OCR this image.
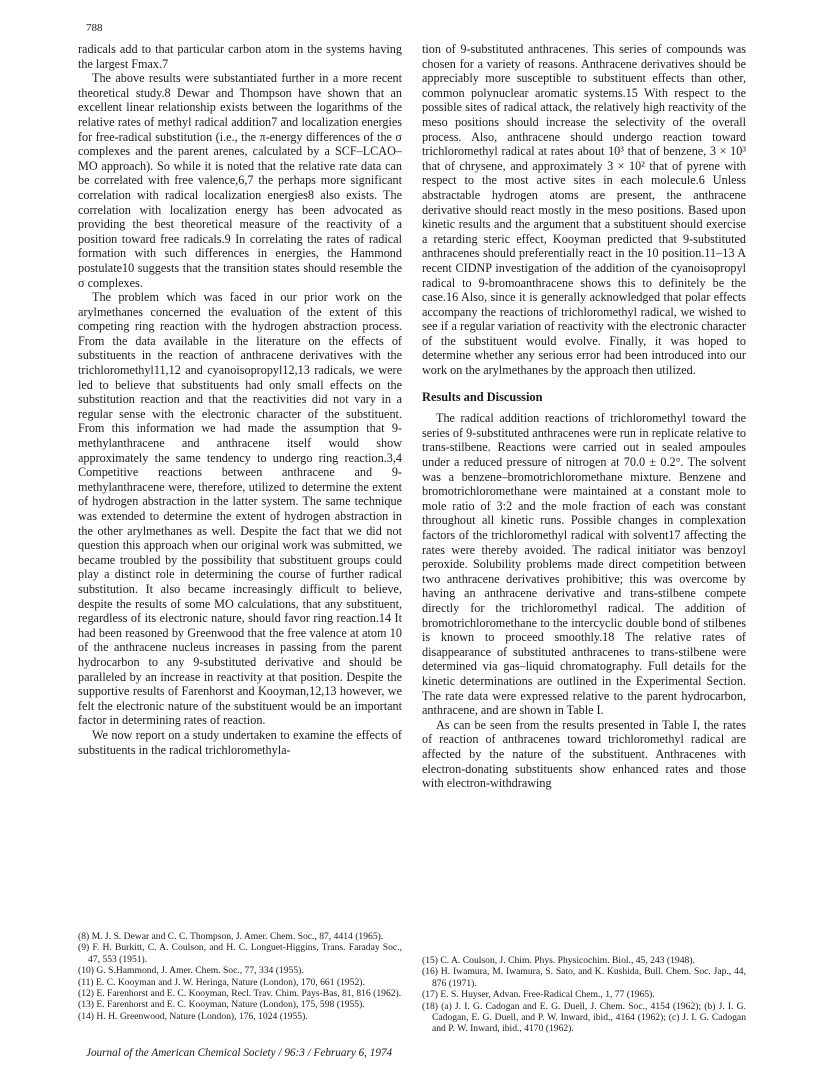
788

radicals add to that particular carbon atom in the systems having the largest Fmax.7

The above results were substantiated further in a more recent theoretical study.8 Dewar and Thompson have shown that an excellent linear relationship exists between the logarithms of the relative rates of methyl radical addition7 and localization energies for free-radical substitution (i.e., the π-energy differences of the σ complexes and the parent arenes, calculated by a SCF–LCAO–MO approach). So while it is noted that the relative rate data can be correlated with free valence,6,7 the perhaps more significant correlation with radical localization energies8 also exists. The correlation with localization energy has been advocated as providing the best theoretical measure of the reactivity of a position toward free radicals.9 In correlating the rates of radical formation with such differences in energies, the Hammond postulate10 suggests that the transition states should resemble the σ complexes.

The problem which was faced in our prior work on the arylmethanes concerned the evaluation of the extent of this competing ring reaction with the hydrogen abstraction process. From the data available in the literature on the effects of substituents in the reaction of anthracene derivatives with the trichloromethyl11,12 and cyanoisopropyl12,13 radicals, we were led to believe that substituents had only small effects on the substitution reaction and that the reactivities did not vary in a regular sense with the electronic character of the substituent. From this information we had made the assumption that 9-methylanthracene and anthracene itself would show approximately the same tendency to undergo ring reaction.3,4 Competitive reactions between anthracene and 9-methylanthracene were, therefore, utilized to determine the extent of hydrogen abstraction in the latter system. The same technique was extended to determine the extent of hydrogen abstraction in the other arylmethanes as well. Despite the fact that we did not question this approach when our original work was submitted, we became troubled by the possibility that substituent groups could play a distinct role in determining the course of further radical substitution. It also became increasingly difficult to believe, despite the results of some MO calculations, that any substituent, regardless of its electronic nature, should favor ring reaction.14 It had been reasoned by Greenwood that the free valence at atom 10 of the anthracene nucleus increases in passing from the parent hydrocarbon to any 9-substituted derivative and should be paralleled by an increase in reactivity at that position. Despite the supportive results of Farenhorst and Kooyman,12,13 however, we felt the electronic nature of the substituent would be an important factor in determining rates of reaction.

We now report on a study undertaken to examine the effects of substituents in the radical trichloromethyla-

tion of 9-substituted anthracenes. This series of compounds was chosen for a variety of reasons. Anthracene derivatives should be appreciably more susceptible to substituent effects than other, common polynuclear aromatic systems.15 With respect to the possible sites of radical attack, the relatively high reactivity of the meso positions should increase the selectivity of the overall process. Also, anthracene should undergo reaction toward trichloromethyl radical at rates about 10³ that of benzene, 3 × 10³ that of chrysene, and approximately 3 × 10² that of pyrene with respect to the most active sites in each molecule.6 Unless abstractable hydrogen atoms are present, the anthracene derivative should react mostly in the meso positions. Based upon kinetic results and the argument that a substituent should exercise a retarding steric effect, Kooyman predicted that 9-substituted anthracenes should preferentially react in the 10 position.11–13 A recent CIDNP investigation of the addition of the cyanoisopropyl radical to 9-bromoanthracene shows this to definitely be the case.16 Also, since it is generally acknowledged that polar effects accompany the reactions of trichloromethyl radical, we wished to see if a regular variation of reactivity with the electronic character of the substituent would evolve. Finally, it was hoped to determine whether any serious error had been introduced into our work on the arylmethanes by the approach then utilized.

Results and Discussion

The radical addition reactions of trichloromethyl toward the series of 9-substituted anthracenes were run in replicate relative to trans-stilbene. Reactions were carried out in sealed ampoules under a reduced pressure of nitrogen at 70.0 ± 0.2°. The solvent was a benzene–bromotrichloromethane mixture. Benzene and bromotrichloromethane were maintained at a constant mole to mole ratio of 3:2 and the mole fraction of each was constant throughout all kinetic runs. Possible changes in complexation factors of the trichloromethyl radical with solvent17 affecting the rates were thereby avoided. The radical initiator was benzoyl peroxide. Solubility problems made direct competition between two anthracene derivatives prohibitive; this was overcome by having an anthracene derivative and trans-stilbene compete directly for the trichloromethyl radical. The addition of bromotrichloromethane to the intercyclic double bond of stilbenes is known to proceed smoothly.18 The relative rates of disappearance of substituted anthracenes to trans-stilbene were determined via gas–liquid chromatography. Full details for the kinetic determinations are outlined in the Experimental Section. The rate data were expressed relative to the parent hydrocarbon, anthracene, and are shown in Table I.

As can be seen from the results presented in Table I, the rates of reaction of anthracenes toward trichloromethyl radical are affected by the nature of the substituent. Anthracenes with electron-donating substituents show enhanced rates and those with electron-withdrawing

(8) M. J. S. Dewar and C. C. Thompson, J. Amer. Chem. Soc., 87, 4414 (1965).

(9) F. H. Burkitt, C. A. Coulson, and H. C. Longuet-Higgins, Trans. Faraday Soc., 47, 553 (1951).

(10) G. S.Hammond, J. Amer. Chem. Soc., 77, 334 (1955).

(11) E. C. Kooyman and J. W. Heringa, Nature (London), 170, 661 (1952).

(12) E. Farenhorst and E. C. Kooyman, Recl. Trav. Chim. Pays-Bas, 81, 816 (1962).

(13) E. Farenhorst and E. C. Kooyman, Nature (London), 175, 598 (1955).

(14) H. H. Greenwood, Nature (London), 176, 1024 (1955).

(15) C. A. Coulson, J. Chim. Phys. Physicochim. Biol., 45, 243 (1948).

(16) H. Iwamura, M. Iwamura, S. Sato, and K. Kushida, Bull. Chem. Soc. Jap., 44, 876 (1971).

(17) E. S. Huyser, Advan. Free-Radical Chem., 1, 77 (1965).

(18) (a) J. I. G. Cadogan and E. G. Duell, J. Chem. Soc., 4154 (1962); (b) J. I. G. Cadogan, E. G. Duell, and P. W. Inward, ibid., 4164 (1962); (c) J. I. G. Cadogan and P. W. Inward, ibid., 4170 (1962).

Journal of the American Chemical Society / 96:3 / February 6, 1974
